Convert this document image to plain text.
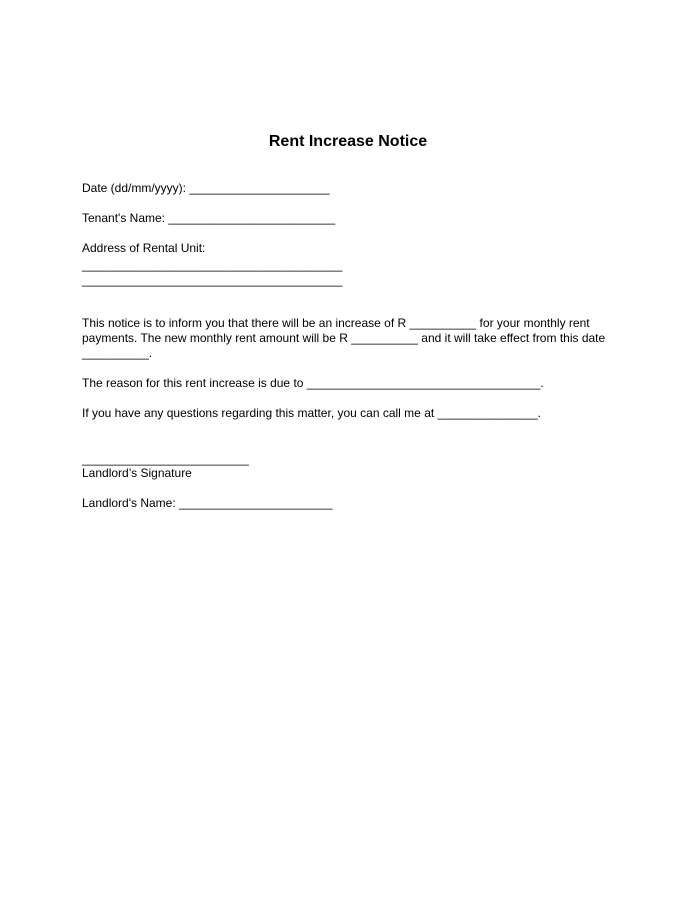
Rent Increase Notice
Date (dd/mm/yyyy): _____________________
Tenant's Name: _________________________
Address of Rental Unit:
_______________________________________
_______________________________________
This notice is to inform you that there will be an increase of R __________ for your monthly rent
payments. The new monthly rent amount will be R __________ and it will take effect from this date
__________.
The reason for this rent increase is due to ___________________________________.
If you have any questions regarding this matter, you can call me at _______________.
_________________________
Landlord’s Signature
Landlord's Name: _______________________
